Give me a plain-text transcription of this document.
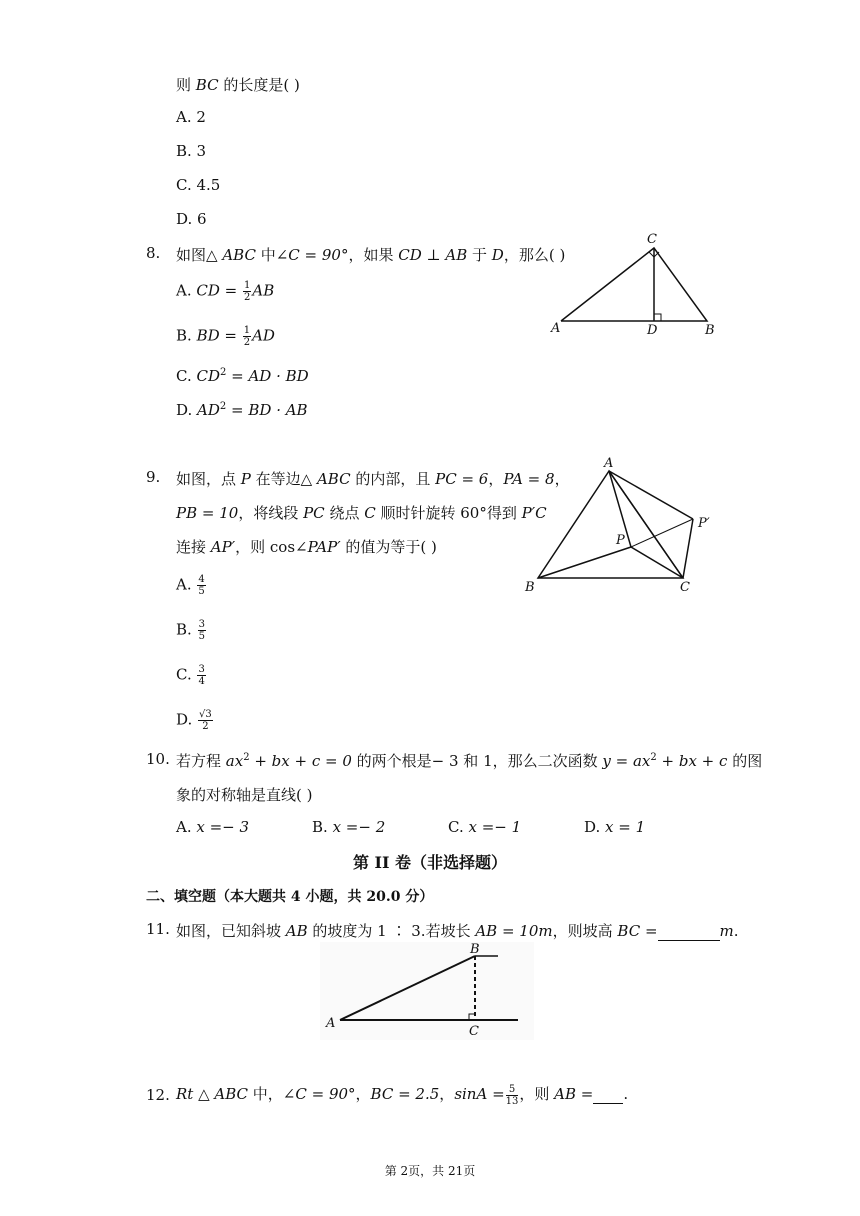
则 BC 的长度是( )
A. 2
B. 3
C. 4.5
D. 6
8. 如图△ ABC 中∠C = 90°，如果 CD ⊥ AB 于 D，那么( )
A. CD = $\frac{1}{2}$ AB
B. BD = $\frac{1}{2}$ AD
C. $CD^2$ = AD · BD
D. $AD^2$ = BD · AB
C
A	D	B
9. 如图，点 P 在等边△ ABC 的内部，且 PC = 6，PA = 8，
PB = 10，将线段 PC 绕点 C 顺时针旋转 60°得到 P′C
连接 AP′，则 cos∠PAP′ 的值为等于( )
A. $\frac{4}{5}$
B. $\frac{3}{5}$
C. $\frac{3}{4}$
D. $\frac{√3}{2}$
A
B	C
P
P′
10. 若方程 $ax^2$ + bx + c = 0 的两个根是− 3 和 1，那么二次函数 $y = ax^2$ + bx + c 的图
象的对称轴是直线( )
A. x =− 3	B. x =− 2	C. x =− 1	D. x = 1
第 II 卷（非选择题）
二、填空题（本大题共 4 小题，共 20.0 分）
11. 如图，已知斜坡 AB 的坡度为 1 ∶ 3.若坡长 AB = 10m，则坡高 BC =	m.
A
B
C
12. Rt △ ABC 中，∠C = 90°，BC = 2.5，$\sin A = \frac{5}{13}$ ，则 AB = .
第 2页，共 21页
